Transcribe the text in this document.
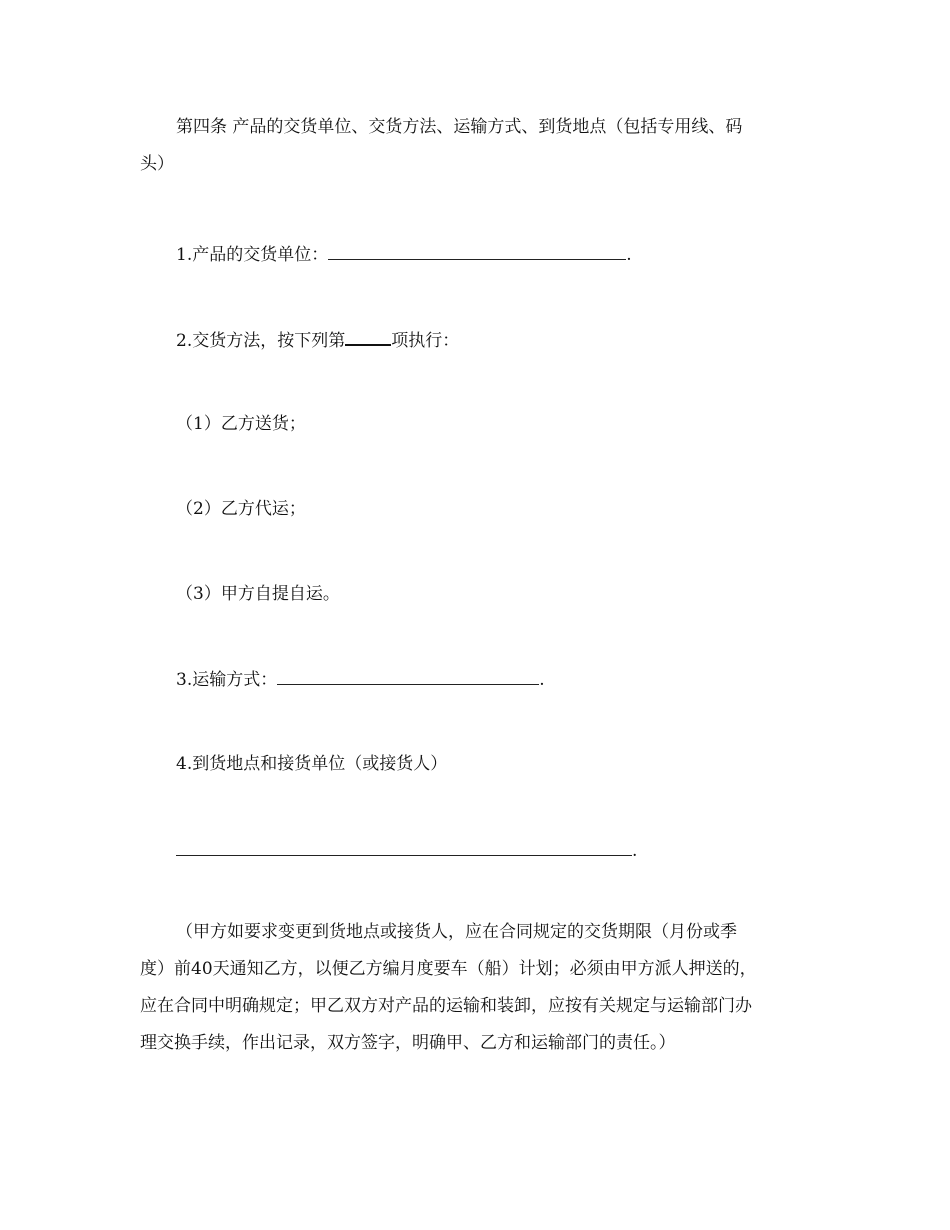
第四条 产品的交货单位、交货方法、运输方式、到货地点（包括专用线、码
头）
1.产品的交货单位：	.
2.交货方法，按下列第	项执行：
（1）乙方送货；
（2）乙方代运；
（3）甲方自提自运。
3.运输方式：	.
4.到货地点和接货单位（或接货人）
.
（甲方如要求变更到货地点或接货人，应在合同规定的交货期限（月份或季
度）前40天通知乙方，以便乙方编月度要车（船）计划；必须由甲方派人押送的，
应在合同中明确规定；甲乙双方对产品的运输和装卸，应按有关规定与运输部门办
理交换手续，作出记录，双方签字，明确甲、乙方和运输部门的责任。）
